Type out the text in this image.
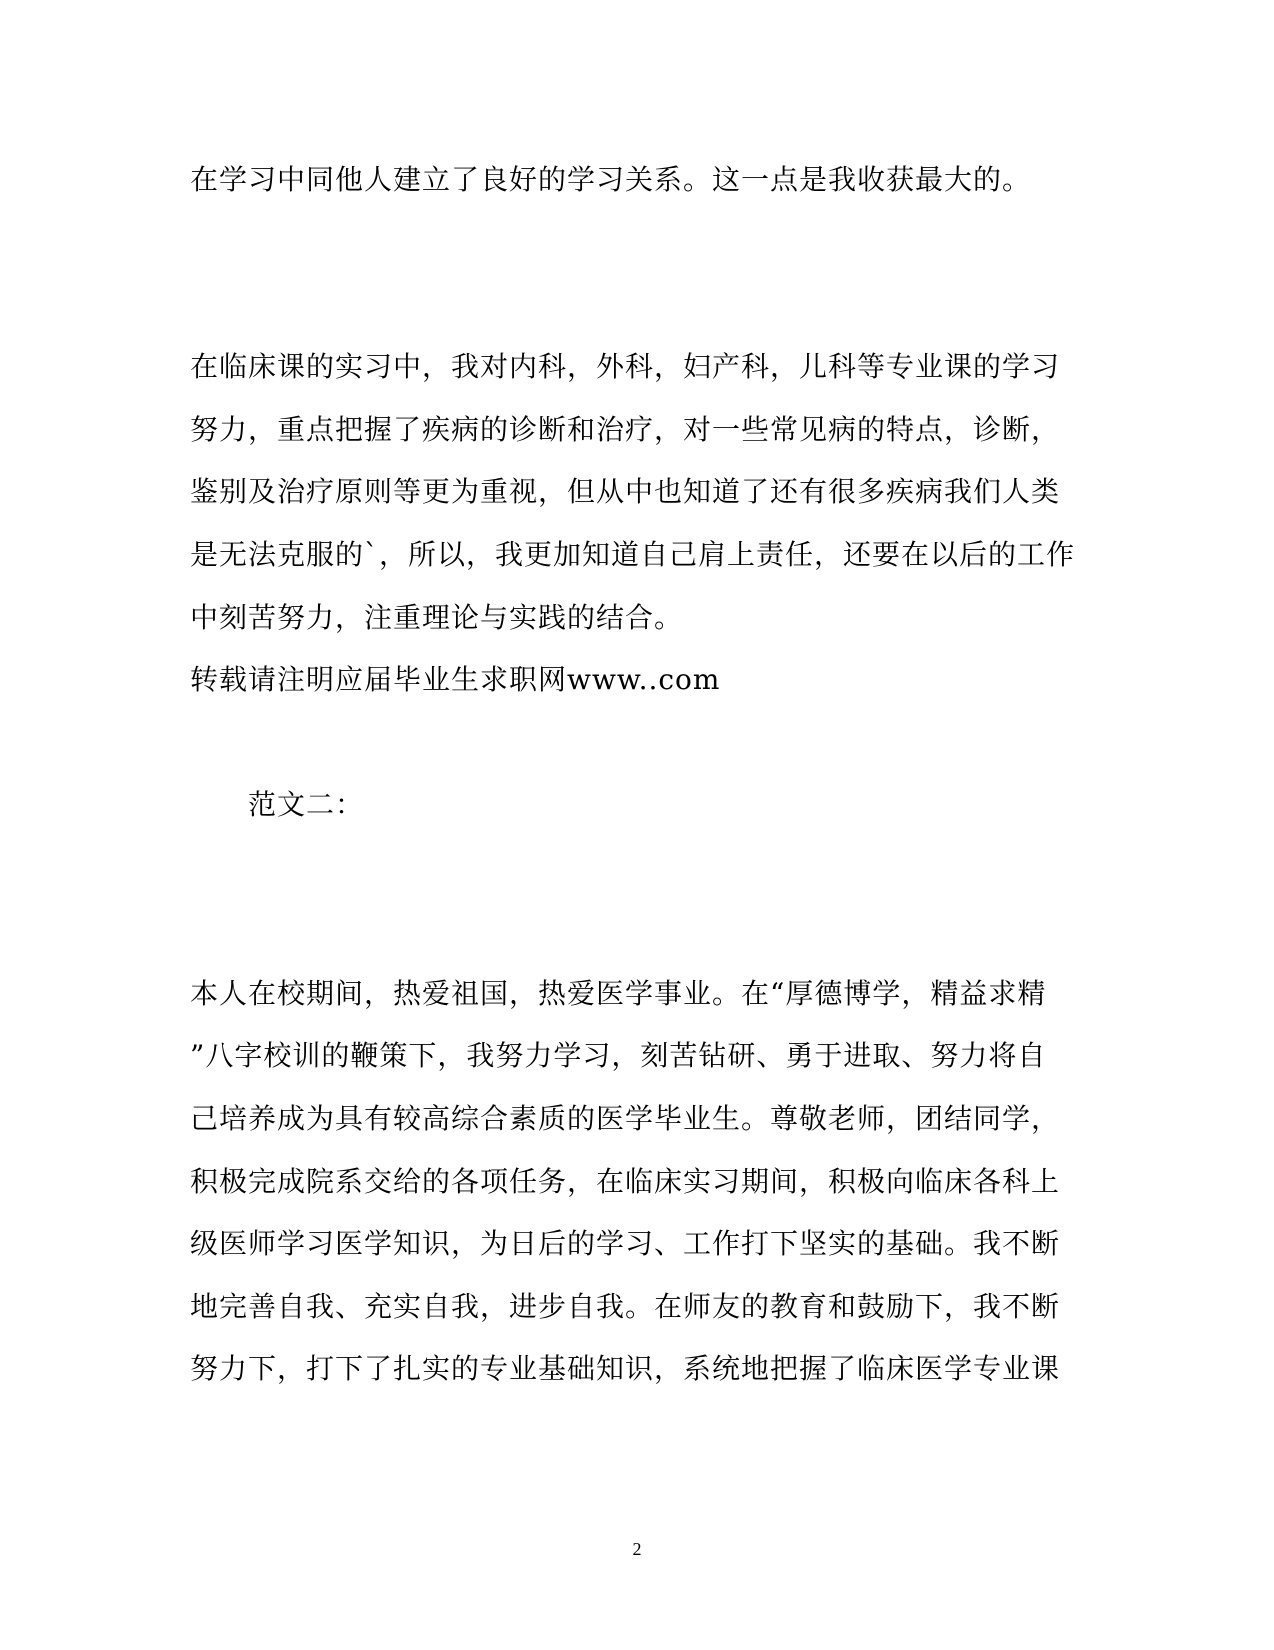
在学习中同他人建立了良好的学习关系。这一点是我收获最大的。
在临床课的实习中，我对内科，外科，妇产科，儿科等专业课的学习
努力，重点把握了疾病的诊断和治疗，对一些常见病的特点，诊断，
鉴别及治疗原则等更为重视，但从中也知道了还有很多疾病我们人类
是无法克服的`，所以，我更加知道自己肩上责任，还要在以后的工作
中刻苦努力，注重理论与实践的结合。
转载请注明应届毕业生求职网www..com
范文二：
本人在校期间，热爱祖国，热爱医学事业。在“厚德博学，精益求精
”八字校训的鞭策下，我努力学习，刻苦钻研、勇于进取、努力将自
己培养成为具有较高综合素质的医学毕业生。尊敬老师，团结同学，
积极完成院系交给的各项任务，在临床实习期间，积极向临床各科上
级医师学习医学知识，为日后的学习、工作打下坚实的基础。我不断
地完善自我、充实自我，进步自我。在师友的教育和鼓励下，我不断
努力下，打下了扎实的专业基础知识，系统地把握了临床医学专业课
2
